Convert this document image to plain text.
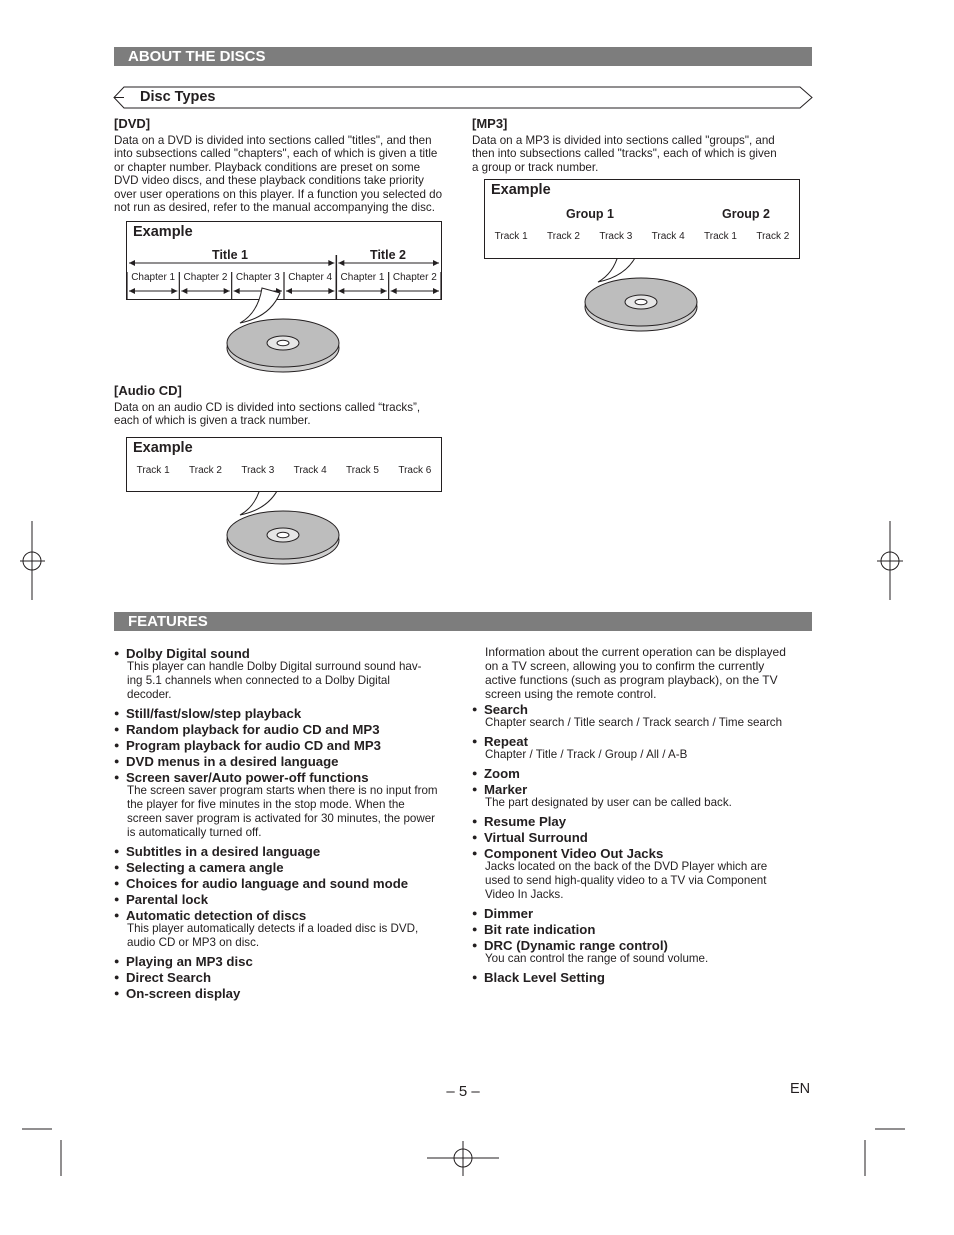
ABOUT THE DISCS
Disc Types
[DVD]
Data on a DVD is divided into sections called "titles", and then
into subsections called "chapters", each of which is given a title
or chapter number. Playback conditions are preset on some
DVD video discs, and these playback conditions take priority
over user operations on this player. If a function you selected do
not run as desired, refer to the manual accompanying the disc.
Example
Title 1	Title 2
[Audio CD]
Data on an audio CD is divided into sections called “tracks”,
each of which is given a track number.
Example
[MP3]
Data on a MP3 is divided into sections called "groups", and
then into subsections called "tracks", each of which is given
a group or track number.
Example
Group 1	Group 2
Chapter 1 Chapter 2 Chapter 3 Chapter 4 Chapter 1 Chapter 2
Track 1	Track 2	Track 3	Track 4	Track 5	Track 6
Track 1	Track 2	Track 3	Track 4	Track 1	Track 2
FEATURES
● Dolby Digital sound
This player can handle Dolby Digital surround sound hav-
ing 5.1 channels when connected to a Dolby Digital
decoder.
● Still/fast/slow/step playback
● Random playback for audio CD and MP3
● Program playback for audio CD and MP3
● DVD menus in a desired language
● Screen saver/Auto power-off functions
The screen saver program starts when there is no input from
the player for five minutes in the stop mode. When the
screen saver program is activated for 30 minutes, the power
is automatically turned off.
● Subtitles in a desired language
● Selecting a camera angle
● Choices for audio language and sound mode
● Parental lock
● Automatic detection of discs
This player automatically detects if a loaded disc is DVD,
audio CD or MP3 on disc.
● Playing an MP3 disc
● Direct Search
● On-screen display
Information about the current operation can be displayed
on a TV screen, allowing you to confirm the currently
active functions (such as program playback), on the TV
screen using the remote control.
● Search
Chapter search / Title search / Track search / Time search
● Repeat
Chapter / Title / Track / Group / All / A-B
● Zoom
● Marker
The part designated by user can be called back.
● Resume Play
● Virtual Surround
● Component Video Out Jacks
Jacks located on the back of the DVD Player which are
used to send high-quality video to a TV via Component
Video In Jacks.
● Dimmer
● Bit rate indication
● DRC (Dynamic range control)
You can control the range of sound volume.
● Black Level Setting
– 5 –	EN
